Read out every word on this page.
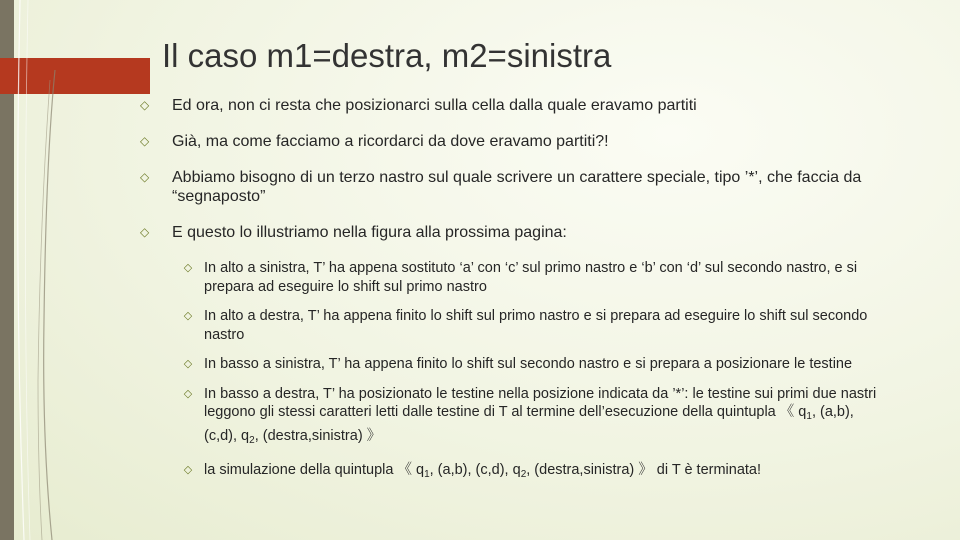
Il caso m1=destra, m2=sinistra
◇	Ed ora, non ci resta che posizionarci sulla cella dalla quale eravamo partiti
◇	Già, ma come facciamo a ricordarci da dove eravamo partiti?!
◇	Abbiamo bisogno di un terzo nastro sul quale scrivere un carattere speciale, tipo ’*’, che faccia da “segnaposto”
◇	E questo lo illustriamo nella figura alla prossima pagina:
◇ In alto a sinistra, T’ ha appena sostituto ‘a’ con ‘c’ sul primo nastro e ‘b’ con ‘d’ sul secondo nastro, e si prepara ad eseguire lo shift sul primo nastro
◇ In alto a destra, T’ ha appena finito lo shift sul primo nastro e si prepara ad eseguire lo shift sul secondo nastro
◇ In basso a sinistra, T’ ha appena finito lo shift sul secondo nastro e si prepara a posizionare le testine
◇ In basso a destra, T’ ha posizionato le testine nella posizione indicata da ’*’: le testine sui primi due nastri leggono gli stessi caratteri letti dalle testine di T al termine dell’esecuzione della quintupla 《 $q_1$, (a,b), (c,d), $q_2$, (destra,sinistra) 》
◇ la simulazione della quintupla 《 $q_1$, (a,b), (c,d), $q_2$, (destra,sinistra) 》 di T è terminata!
